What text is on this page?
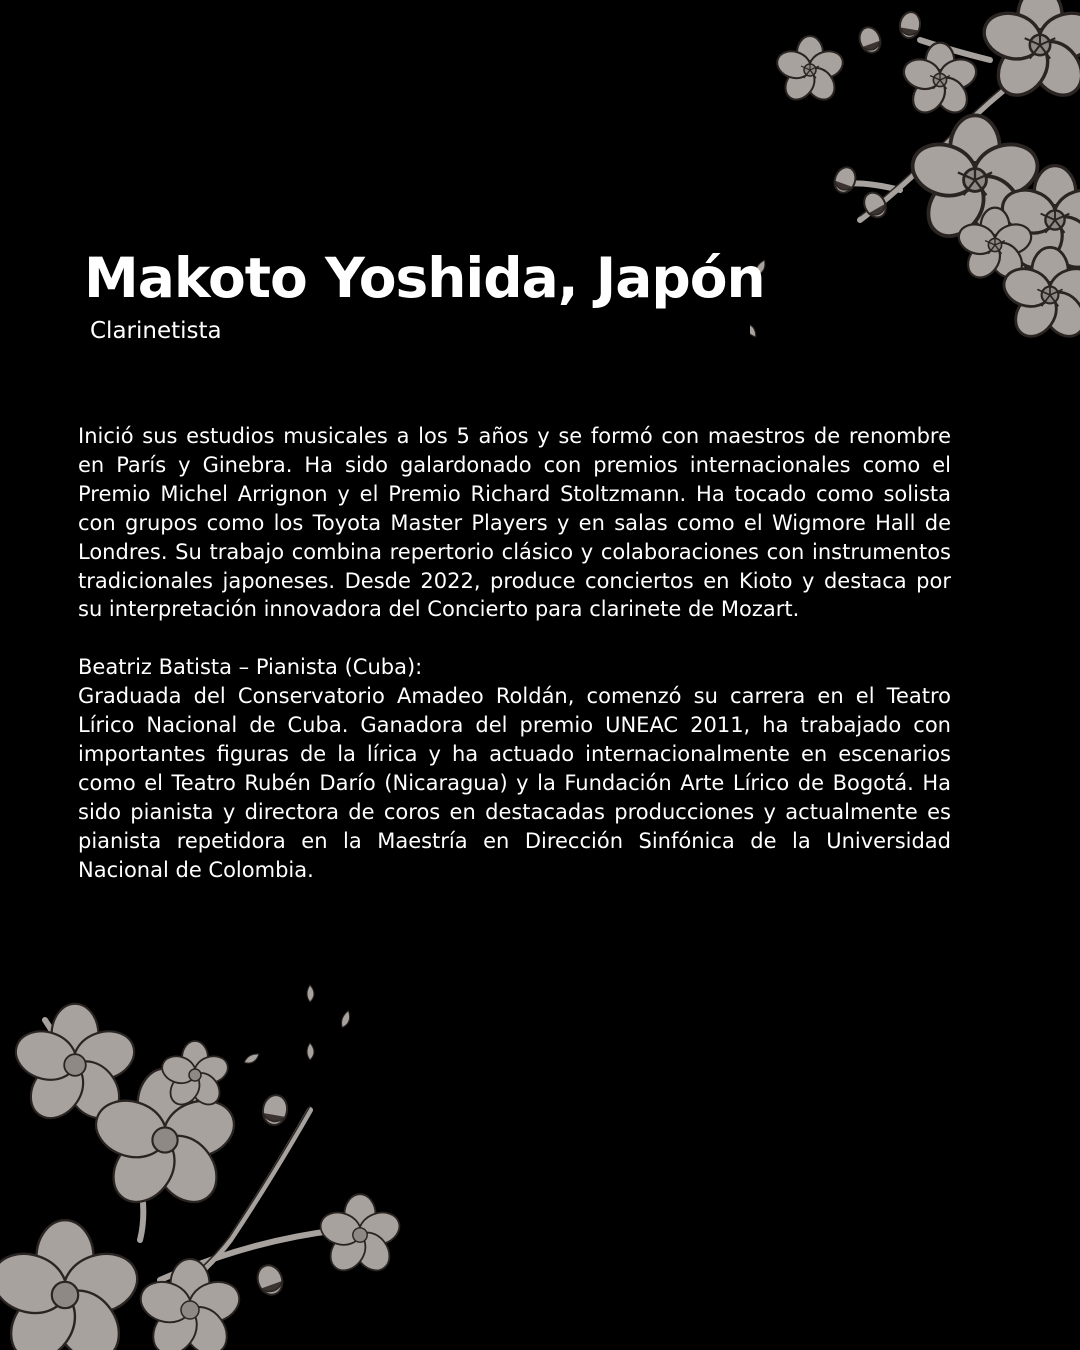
Makoto Yoshida, Japón

Clarinetista

Inició sus estudios musicales a los 5 años y se formó con maestros de renombre en París y Ginebra. Ha sido galardonado con premios internacionales como el Premio Michel Arrignon y el Premio Richard Stoltzmann. Ha tocado como solista con grupos como los Toyota Master Players y en salas como el Wigmore Hall de Londres. Su trabajo combina repertorio clásico y colaboraciones con instrumentos tradicionales japoneses. Desde 2022, produce conciertos en Kioto y destaca por su interpretación innovadora del Concierto para clarinete de Mozart.

Beatriz Batista – Pianista (Cuba):

Graduada del Conservatorio Amadeo Roldán, comenzó su carrera en el Teatro Lírico Nacional de Cuba. Ganadora del premio UNEAC 2011, ha trabajado con importantes figuras de la lírica y ha actuado internacionalmente en escenarios como el Teatro Rubén Darío (Nicaragua) y la Fundación Arte Lírico de Bogotá. Ha sido pianista y directora de coros en destacadas producciones y actualmente es pianista repetidora en la Maestría en Dirección Sinfónica de la Universidad Nacional de Colombia.
